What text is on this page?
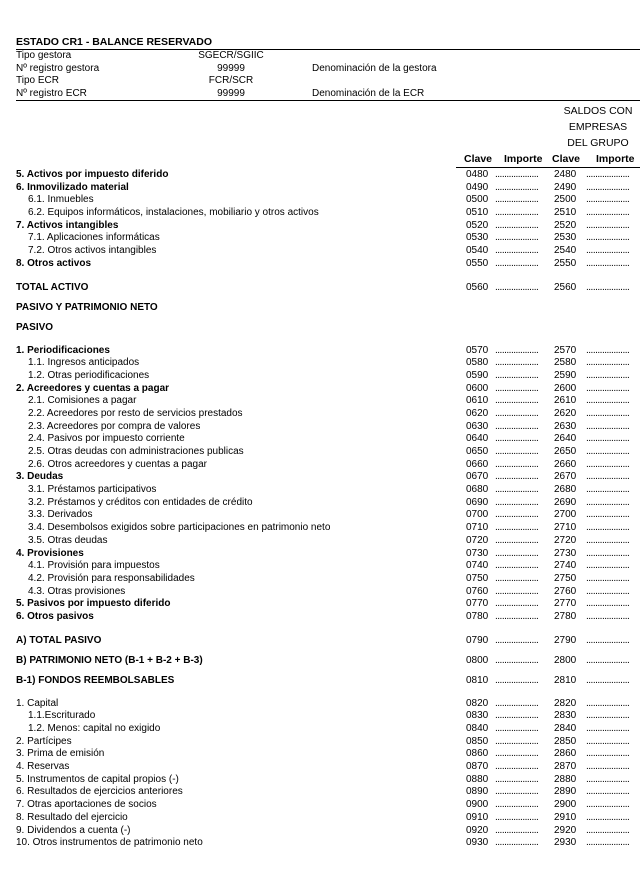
ESTADO CR1 - BALANCE RESERVADO
Tipo gestora	SGECR/SGIIC
Nº registro gestora	99999	Denominación de la gestora
Tipo ECR	FCR/SCR
Nº registro ECR	99999	Denominación de la ECR
SALDOS CON
EMPRESAS
DEL GRUPO
Clave Importe Clave Importe
5. Activos por impuesto diferido	0480 ................... 2480 ...................
6. Inmovilizado material	0490 ................... 2490 ...................
6.1. Inmuebles	0500 ................... 2500 ...................
6.2. Equipos informáticos, instalaciones, mobiliario y otros activos	0510 ................... 2510 ...................
7. Activos intangibles	0520 ................... 2520 ...................
7.1. Aplicaciones informáticas	0530 ................... 2530 ...................
7.2. Otros activos intangibles	0540 ................... 2540 ...................
8. Otros activos	0550 ................... 2550 ...................
TOTAL ACTIVO	0560 ................... 2560 ...................
PASIVO Y PATRIMONIO NETO
PASIVO
1. Periodificaciones	0570 ................... 2570 ...................
1.1. Ingresos anticipados	0580 ................... 2580 ...................
1.2. Otras periodificaciones	0590 ................... 2590 ...................
2. Acreedores y cuentas a pagar	0600 ................... 2600 ...................
2.1. Comisiones a pagar	0610 ................... 2610 ...................
2.2. Acreedores por resto de servicios prestados	0620 ................... 2620 ...................
2.3. Acreedores por compra de valores	0630 ................... 2630 ...................
2.4. Pasivos por impuesto corriente	0640 ................... 2640 ...................
2.5. Otras deudas con administraciones publicas	0650 ................... 2650 ...................
2.6. Otros acreedores y cuentas a pagar	0660 ................... 2660 ...................
3. Deudas	0670 ................... 2670 ...................
3.1. Préstamos participativos	0680 ................... 2680 ...................
3.2. Préstamos y créditos con entidades de crédito	0690 ................... 2690 ...................
3.3. Derivados	0700 ................... 2700 ...................
3.4. Desembolsos exigidos sobre participaciones en patrimonio neto	0710 ................... 2710 ...................
3.5. Otras deudas	0720 ................... 2720 ...................
4. Provisiones	0730 ................... 2730 ...................
4.1. Provisión para impuestos	0740 ................... 2740 ...................
4.2. Provisión para responsabilidades	0750 ................... 2750 ...................
4.3. Otras provisiones	0760 ................... 2760 ...................
5. Pasivos por impuesto diferido	0770 ................... 2770 ...................
6. Otros pasivos	0780 ................... 2780 ...................
A) TOTAL PASIVO	0790 ................... 2790 ...................
B) PATRIMONIO NETO (B-1 + B-2 + B-3)	0800 ................... 2800 ...................
B-1) FONDOS REEMBOLSABLES	0810 ................... 2810 ...................
1. Capital	0820 ................... 2820 ...................
1.1.Escriturado	0830 ................... 2830 ...................
1.2. Menos: capital no exigido	0840 ................... 2840 ...................
2. Partícipes	0850 ................... 2850 ...................
3. Prima de emisión	0860 ................... 2860 ...................
4. Reservas	0870 ................... 2870 ...................
5. Instrumentos de capital propios (-)	0880 ................... 2880 ...................
6. Resultados de ejercicios anteriores	0890 ................... 2890 ...................
7. Otras aportaciones de socios	0900 ................... 2900 ...................
8. Resultado del ejercicio	0910 ................... 2910 ...................
9. Dividendos a cuenta (-)	0920 ................... 2920 ...................
10. Otros instrumentos de patrimonio neto	0930 ................... 2930 ...................
